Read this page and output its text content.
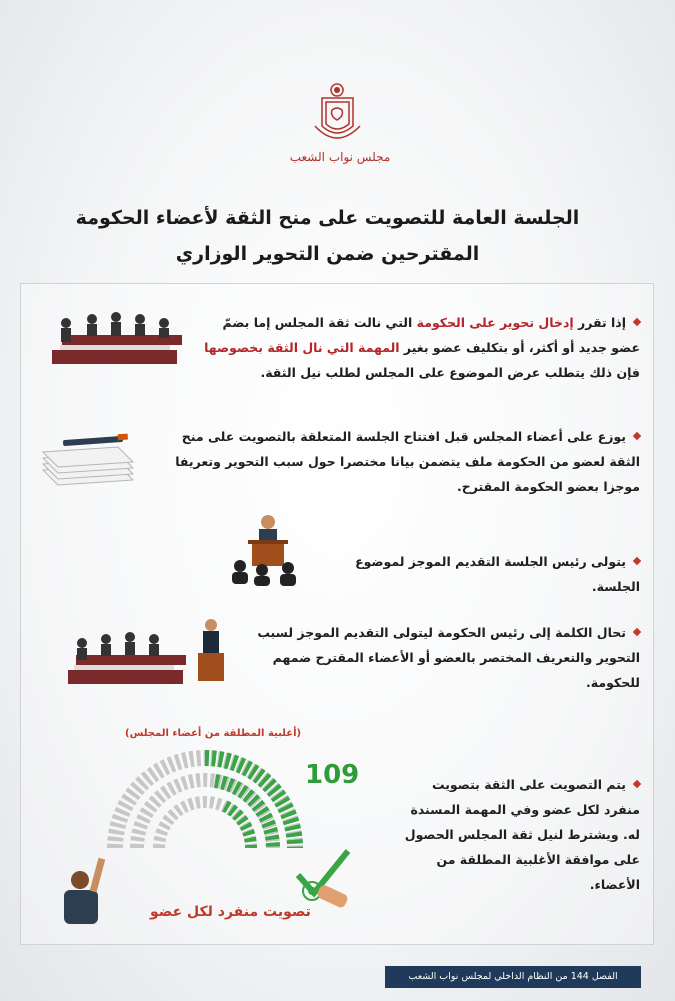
مجلس نواب الشعب
الجلسة العامة للتصويت على منح الثقة لأعضاء الحكومة
المقترحين ضمن التحوير الوزاري
إذا تقرر إدخال تحوير على الحكومة التي نالت ثقة المجلس إما بضمّ عضو جديد أو أكثر، أو بتكليف عضو بغير المهمة التي نال الثقة بخصوصها فإن ذلك يتطلب عرض الموضوع على المجلس لطلب نيل الثقة.
يوزع على أعضاء المجلس قبل افتتاح الجلسة المتعلقة بالتصويت على منح الثقة لعضو من الحكومة ملف يتضمن بيانا مختصرا حول سبب التحوير وتعريفا موجزا بعضو الحكومة المقترح.
يتولى رئيس الجلسة التقديم الموجز لموضوع الجلسة.
تحال الكلمة إلى رئيس الحكومة ليتولى التقديم الموجز لسبب التحوير والتعريف المختصر بالعضو أو الأعضاء المقترح ضمهم للحكومة.
(أغلبية المطلقة من أعضاء المجلس)
109	يتم التصويت على الثقة بتصويت منفرد لكل عضو وفي المهمة المسندة له. ويشترط لنيل ثقة المجلس الحصول على موافقة الأغلبية المطلقة من الأعضاء.
تصويت منفرد لكل عضو
الفصل 144 من النظام الداخلي لمجلس نواب الشعب
